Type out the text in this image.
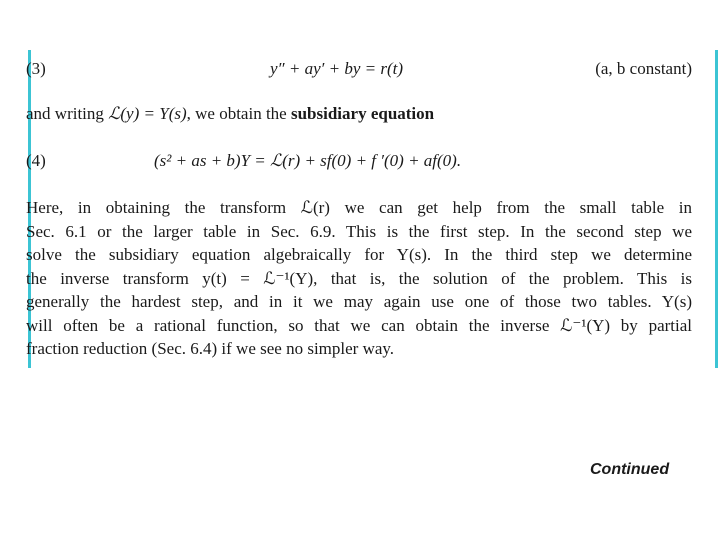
(3)	y″ + ay′ + by = r(t)	(a, b constant)
and writing ℒ(y) = Y(s), we obtain the subsidiary equation
(4)	(s² + as + b)Y = ℒ(r) + sf(0) + f ′(0) + af(0).
Here, in obtaining the transform ℒ(r) we can get help from the small table in
Sec. 6.1 or the larger table in Sec. 6.9. This is the first step. In the second step we
solve the subsidiary equation algebraically for Y(s). In the third step we determine
the inverse transform y(t) = ℒ⁻¹(Y), that is, the solution of the problem. This is
generally the hardest step, and in it we may again use one of those two tables. Y(s)
will often be a rational function, so that we can obtain the inverse ℒ⁻¹(Y) by partial
fraction reduction (Sec. 6.4) if we see no simpler way.
Continued
